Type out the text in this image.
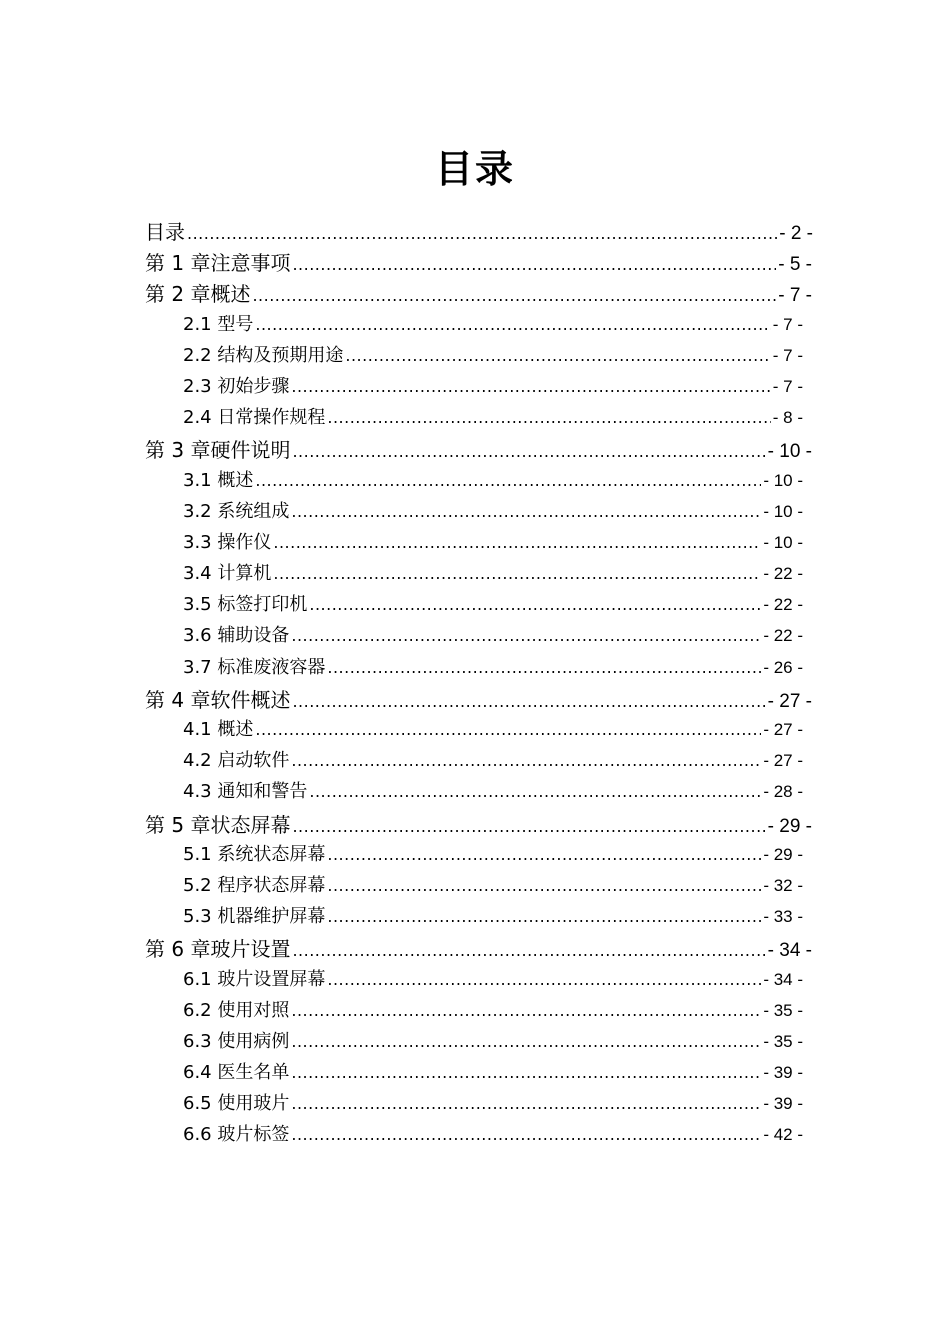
目录
目录 .....	- 2 -
第 1 章注意事项 .....	- 5 -
第 2 章概述 .....	- 7 -
2.1 型号 .....	- 7 -
2.2 结构及预期用途 .....	- 7 -
2.3 初始步骤 .....	- 7 -
2.4 日常操作规程 .....	- 8 -
第 3 章硬件说明 .....	- 10 -
3.1 概述 .....	- 10 -
3.2 系统组成 .....	- 10 -
3.3 操作仪 .....	- 10 -
3.4 计算机 .....	- 22 -
3.5 标签打印机 .....	- 22 -
3.6 辅助设备 .....	- 22 -
3.7 标准废液容器 .....	- 26 -
第 4 章软件概述 .....	- 27 -
4.1 概述 .....	- 27 -
4.2 启动软件 .....	- 27 -
4.3 通知和警告 .....	- 28 -
第 5 章状态屏幕 .....	- 29 -
5.1 系统状态屏幕 .....	- 29 -
5.2 程序状态屏幕 .....	- 32 -
5.3 机器维护屏幕 .....	- 33 -
第 6 章玻片设置 .....	- 34 -
6.1 玻片设置屏幕 .....	- 34 -
6.2 使用对照 .....	- 35 -
6.3 使用病例 .....	- 35 -
6.4 医生名单 .....	- 39 -
6.5 使用玻片 .....	- 39 -
6.6 玻片标签 .....	- 42 -
